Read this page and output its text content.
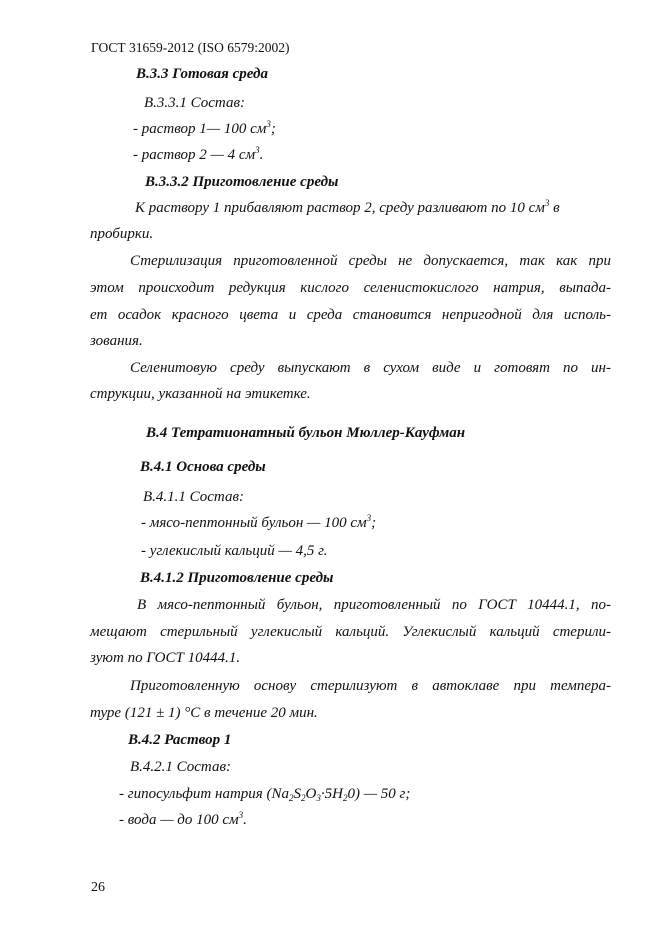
ГОСТ 31659-2012 (ISO 6579:2002)
B.3.3 Готовая среда
B.3.3.1 Состав:
- раствор 1— 100 $см^3$;
- раствор 2 — 4 $см^3$.
B.3.3.2 Приготовление среды
К раствору 1 прибавляют раствор 2, среду разливают по 10 $см^3$ в
пробирки.
Стерилизация приготовленной среды не допускается, так как при
этом происходит редукция кислого селенистокислого натрия, выпада-
ет осадок красного цвета и среда становится непригодной для исполь-
зования.
Селенитовую среду выпускают в сухом виде и готовят по ин-
струкции, указанной на этикетке.
B.4 Тетратионатный бульон Мюллер-Кауфман
B.4.1 Основа среды
B.4.1.1 Состав:
- мясо-пептонный бульон — 100 $см^3$;
- углекислый кальций — 4,5 г.
B.4.1.2 Приготовление среды
В мясо-пептонный бульон, приготовленный по ГОСТ 10444.1, по-
мещают стерильный углекислый кальций. Углекислый кальций стерили-
зуют по ГОСТ 10444.1.
Приготовленную основу стерилизуют в автоклаве при темпера-
туре (121 ± 1) °С в течение 20 мин.
B.4.2 Раствор 1
B.4.2.1 Состав:
- гипосульфит натрия $(Na_2S_2O_3\cdot 5H_20)$ — 50 г;
- вода — до 100 $см^3$.
26
